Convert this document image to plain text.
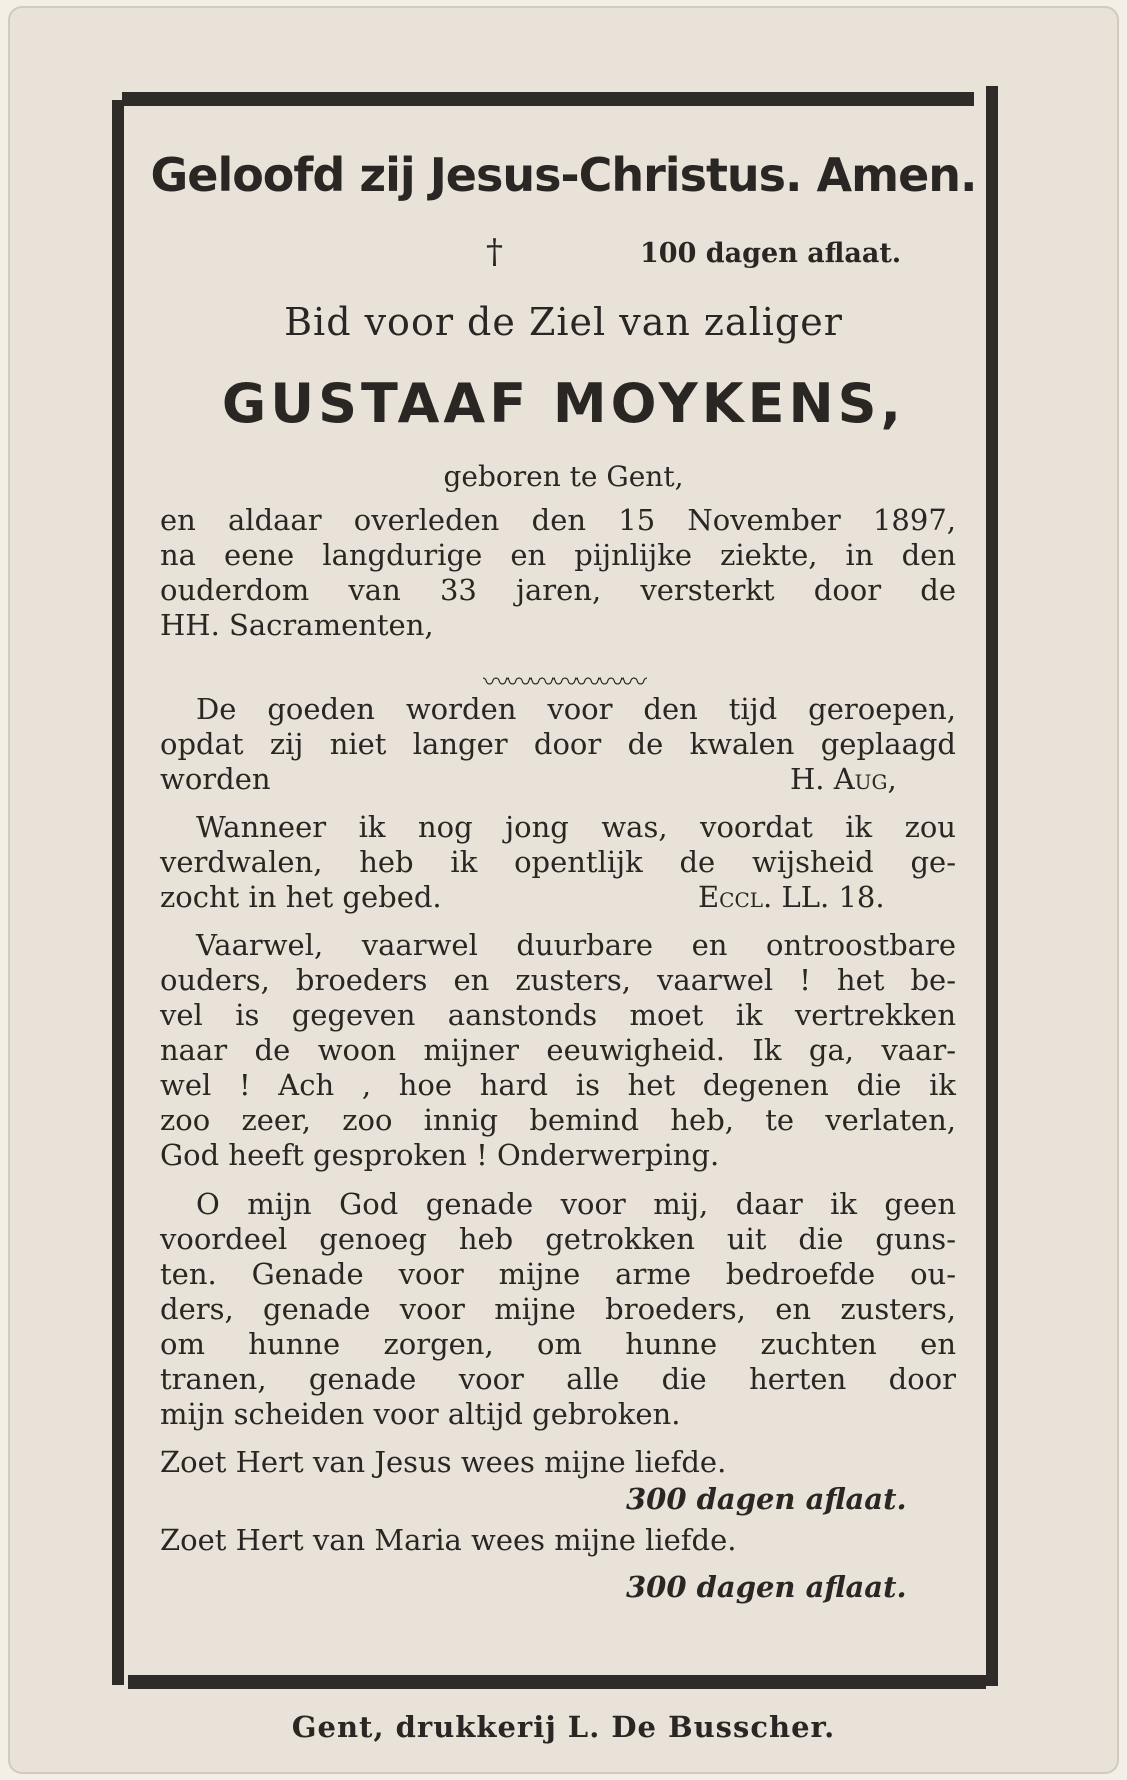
Geloofd zij Jesus-Christus. Amen.
†	100 dagen aflaat.
Bid voor de Ziel van zaliger
GUSTAAF MOYKENS,
geboren te Gent,
en aldaar overleden den 15 November 1897,
na eene langdurige en pijnlijke ziekte, in den
ouderdom van 33 jaren, versterkt door de
HH. Sacramenten,
〰〰〰〰〰〰〰
De goeden worden voor den tijd geroepen,
opdat zij niet langer door de kwalen geplaagd
worden	H. Aug,
Wanneer ik nog jong was, voordat ik zou
verdwalen, heb ik opentlijk de wijsheid ge-
zocht in het gebed.	Eccl. LL. 18.
Vaarwel, vaarwel duurbare en ontroostbare
ouders, broeders en zusters, vaarwel ! het be-
vel is gegeven aanstonds moet ik vertrekken
naar de woon mijner eeuwigheid. Ik ga, vaar-
wel ! Ach , hoe hard is het degenen die ik
zoo zeer, zoo innig bemind heb, te verlaten,
God heeft gesproken ! Onderwerping.
O mijn God genade voor mij, daar ik geen
voordeel genoeg heb getrokken uit die guns-
ten. Genade voor mijne arme bedroefde ou-
ders, genade voor mijne broeders, en zusters,
om hunne zorgen, om hunne zuchten en
tranen, genade voor alle die herten door
mijn scheiden voor altijd gebroken.
Zoet Hert van Jesus wees mijne liefde.
300 dagen aflaat.
Zoet Hert van Maria wees mijne liefde.
300 dagen aflaat.
Gent, drukkerij L. De Busscher.
